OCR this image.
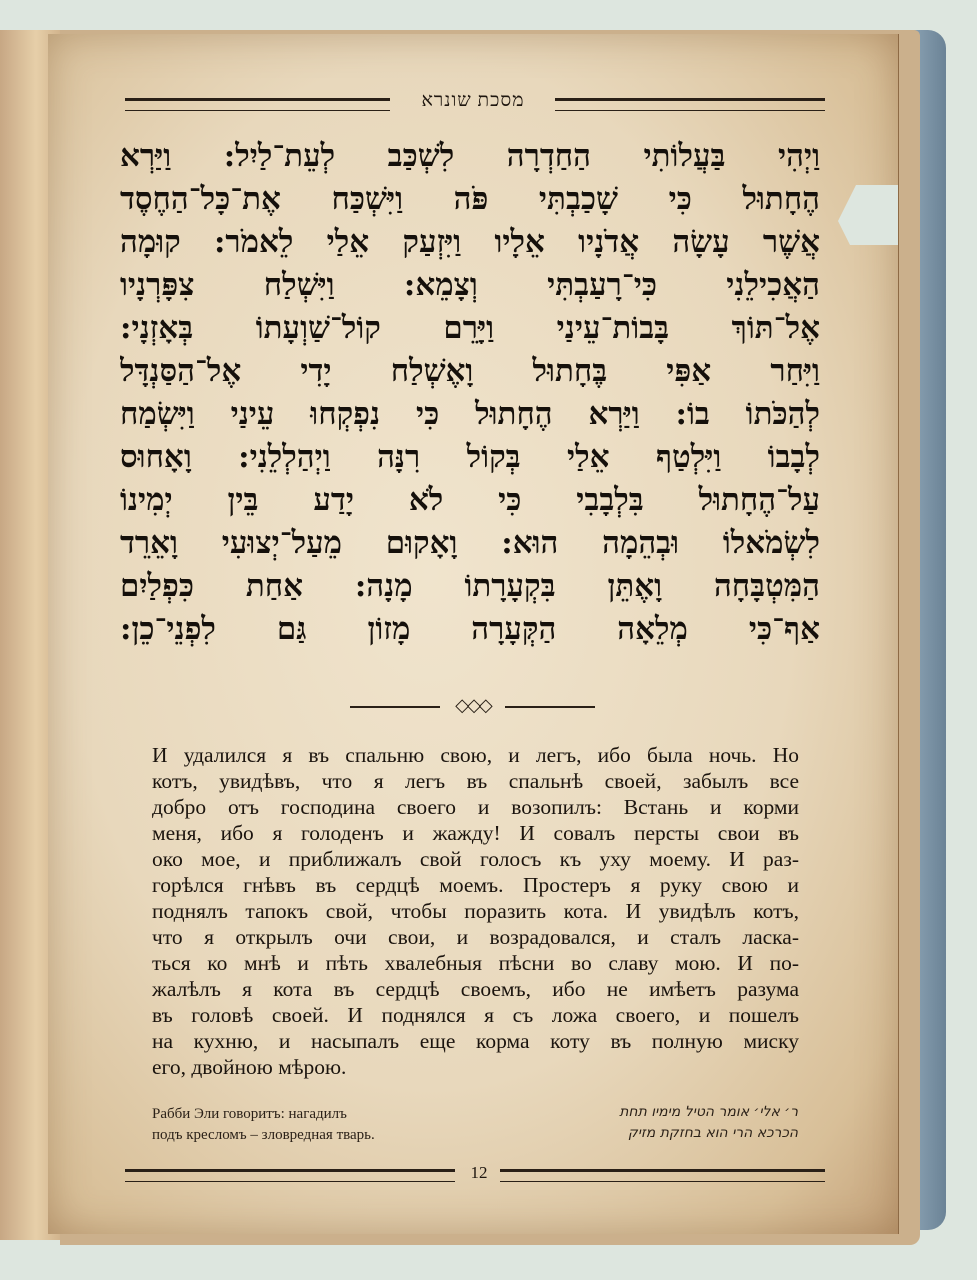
מסכת שונרא
וַיְהִי בַּעֲלוֹתִי הַחַדְרָה לִשְׁכַּב לְעֵת־לַיִל: וַיַּרְא
הֶחָתוּל כִּי שָׁכַבְתִּי פֹּה וַיִּשְׁכַּח אֶת־כָּל־הַחֶסֶד
אֲשֶׁר עָשָׂה אֲדֹנָיו אֵלָיו וַיִּזְעַק אֵלַי לֵאמֹר: קוּמָה
הַאֲכִילֵנִי כִּי־רָעַבְתִּי וְצָמֵא: וַיִּשְׁלַח צִפָּרְנָיו
אֶל־תּוֹךְ בָּבוֹת־עֵינַי וַיָּרֵם קוֹל־שַׁוְעָתוֹ בְּאָזְנָי:
וַיִּחַר אַפִּי בֶּחָתוּל וָאֶשְׁלַח יָדִי אֶל־הַסַּנְדָּל
לְהַכֹּתוֹ בוֹ: וַיַּרְא הֶחָתוּל כִּי נִפְקְחוּ עֵינַי וַיִּשְׂמַח
לְבָבוֹ וַיִּלְטַף אֵלַי בְּקוֹל רִנָּה וַיְהַלְלֵנִי: וָאָחוּס
עַל־הֶחָתוּל בִּלְבָבִי כִּי לֹא יָדַע בֵּין יְמִינוֹ
לִשְׂמֹאלוֹ וּבְהֵמָה הוּא: וָאָקוּם מֵעַל־יְצוּעִי וָאֵרֵד
הַמִּטְבָּחָה וָאֶתֵּן בִּקְעָרָתוֹ מָנָה: אַחַת כִּפְלַיִם
אַף־כִּי מְלֵאָה הַקְּעָרָה מָזוֹן גַּם לִפְנֵי־כֵן:
◇◇◇
И удалился я въ спальню свою, и легъ, ибо была ночь. Но
котъ, увидѣвъ, что я легъ въ спальнѣ своей, забылъ все
добро отъ господина своего и возопилъ: Встань и корми
меня, ибо я голоденъ и жажду! И совалъ персты свои въ
око мое, и приближалъ свой голосъ къ уху моему. И раз-
горѣлся гнѣвъ въ сердцѣ моемъ. Простеръ я руку свою и
поднялъ тапокъ свой, чтобы поразить кота. И увидѣлъ котъ,
что я открылъ очи свои, и возрадовался, и сталъ ласка-
ться ко мнѣ и пѣть хвалебныя пѣсни во славу мою. И по-
жалѣлъ я кота въ сердцѣ своемъ, ибо не имѣетъ разума
въ головѣ своей. И поднялся я съ ложа своего, и пошелъ
на кухню, и насыпалъ еще корма коту въ полную миску
его, двойною мѣрою.
Рабби Эли говоритъ: нагадилъ
подъ кресломъ – зловредная тварь.
ר׳ אלי׳ אומר הטיל מימיו תחת
הכרכא הרי הוא בחזקת מזיק
12
